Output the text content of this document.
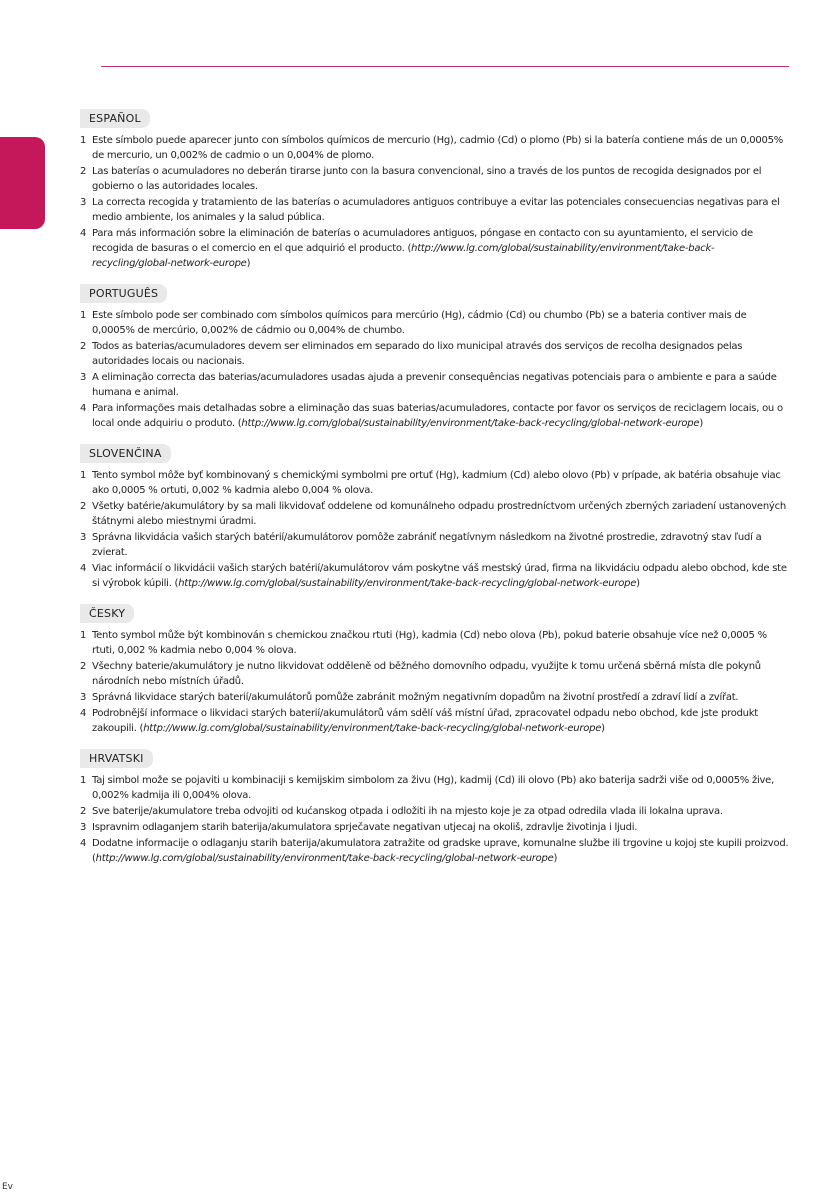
ESPAÑOL
1 Este símbolo puede aparecer junto con símbolos químicos de mercurio (Hg), cadmio (Cd) o plomo (Pb) si la batería contiene más de un 0,0005% de mercurio, un 0,002% de cadmio o un 0,004% de plomo.
2 Las baterías o acumuladores no deberán tirarse junto con la basura convencional, sino a través de los puntos de recogida designados por el gobierno o las autoridades locales.
3 La correcta recogida y tratamiento de las baterías o acumuladores antiguos contribuye a evitar las potenciales consecuencias negativas para el medio ambiente, los animales y la salud pública.
4 Para más información sobre la eliminación de baterías o acumuladores antiguos, póngase en contacto con su ayuntamiento, el servicio de recogida de basuras o el comercio en el que adquirió el producto. (http://www.lg.com/global/sustainability/environment/take-back-recycling/global-network-europe)
PORTUGUÊS
1 Este símbolo pode ser combinado com símbolos químicos para mercúrio (Hg), cádmio (Cd) ou chumbo (Pb) se a bateria contiver mais de 0,0005% de mercúrio, 0,002% de cádmio ou 0,004% de chumbo.
2 Todos as baterias/acumuladores devem ser eliminados em separado do lixo municipal através dos serviços de recolha designados pelas autoridades locais ou nacionais.
3 A eliminação correcta das baterias/acumuladores usadas ajuda a prevenir consequências negativas potenciais para o ambiente e para a saúde humana e animal.
4 Para informações mais detalhadas sobre a eliminação das suas baterias/acumuladores, contacte por favor os serviços de reciclagem locais, ou o local onde adquiriu o produto. (http://www.lg.com/global/sustainability/environment/take-back-recycling/global-network-europe)
SLOVENČINA
1 Tento symbol môže byť kombinovaný s chemickými symbolmi pre ortuť (Hg), kadmium (Cd) alebo olovo (Pb) v prípade, ak batéria obsahuje viac ako 0,0005 % ortuti, 0,002 % kadmia alebo 0,004 % olova.
2 Všetky batérie/akumulátory by sa mali likvidovať oddelene od komunálneho odpadu prostredníctvom určených zberných zariadení ustanovených štátnymi alebo miestnymi úradmi.
3 Správna likvidácia vašich starých batérií/akumulátorov pomôže zabrániť negatívnym následkom na životné prostredie, zdravotný stav ľudí a zvierat.
4 Viac informácií o likvidácii vašich starých batérií/akumulátorov vám poskytne váš mestský úrad, firma na likvidáciu odpadu alebo obchod, kde ste si výrobok kúpili. (http://www.lg.com/global/sustainability/environment/take-back-recycling/global-network-europe)
ČESKY
1 Tento symbol může být kombinován s chemickou značkou rtuti (Hg), kadmia (Cd) nebo olova (Pb), pokud baterie obsahuje více než 0,0005 % rtuti, 0,002 % kadmia nebo 0,004 % olova.
2 Všechny baterie/akumulátory je nutno likvidovat odděleně od běžného domovního odpadu, využijte k tomu určená sběrná místa dle pokynů národních nebo místních úřadů.
3 Správná likvidace starých baterií/akumulátorů pomůže zabránit možným negativním dopadům na životní prostředí a zdraví lidí a zvířat.
4 Podrobnější informace o likvidaci starých baterií/akumulátorů vám sdělí váš místní úřad, zpracovatel odpadu nebo obchod, kde jste produkt zakoupili. (http://www.lg.com/global/sustainability/environment/take-back-recycling/global-network-europe)
HRVATSKI
1 Taj simbol može se pojaviti u kombinaciji s kemijskim simbolom za živu (Hg), kadmij (Cd) ili olovo (Pb) ako baterija sadrži više od 0,0005% žive, 0,002% kadmija ili 0,004% olova.
2 Sve baterije/akumulatore treba odvojiti od kućanskog otpada i odložiti ih na mjesto koje je za otpad odredila vlada ili lokalna uprava.
3 Ispravnim odlaganjem starih baterija/akumulatora sprječavate negativan utjecaj na okoliš, zdravlje životinja i ljudi.
4 Dodatne informacije o odlaganju starih baterija/akumulatora zatražite od gradske uprave, komunalne službe ili trgovine u kojoj ste kupili proizvod. (http://www.lg.com/global/sustainability/environment/take-back-recycling/global-network-europe)
Ev
